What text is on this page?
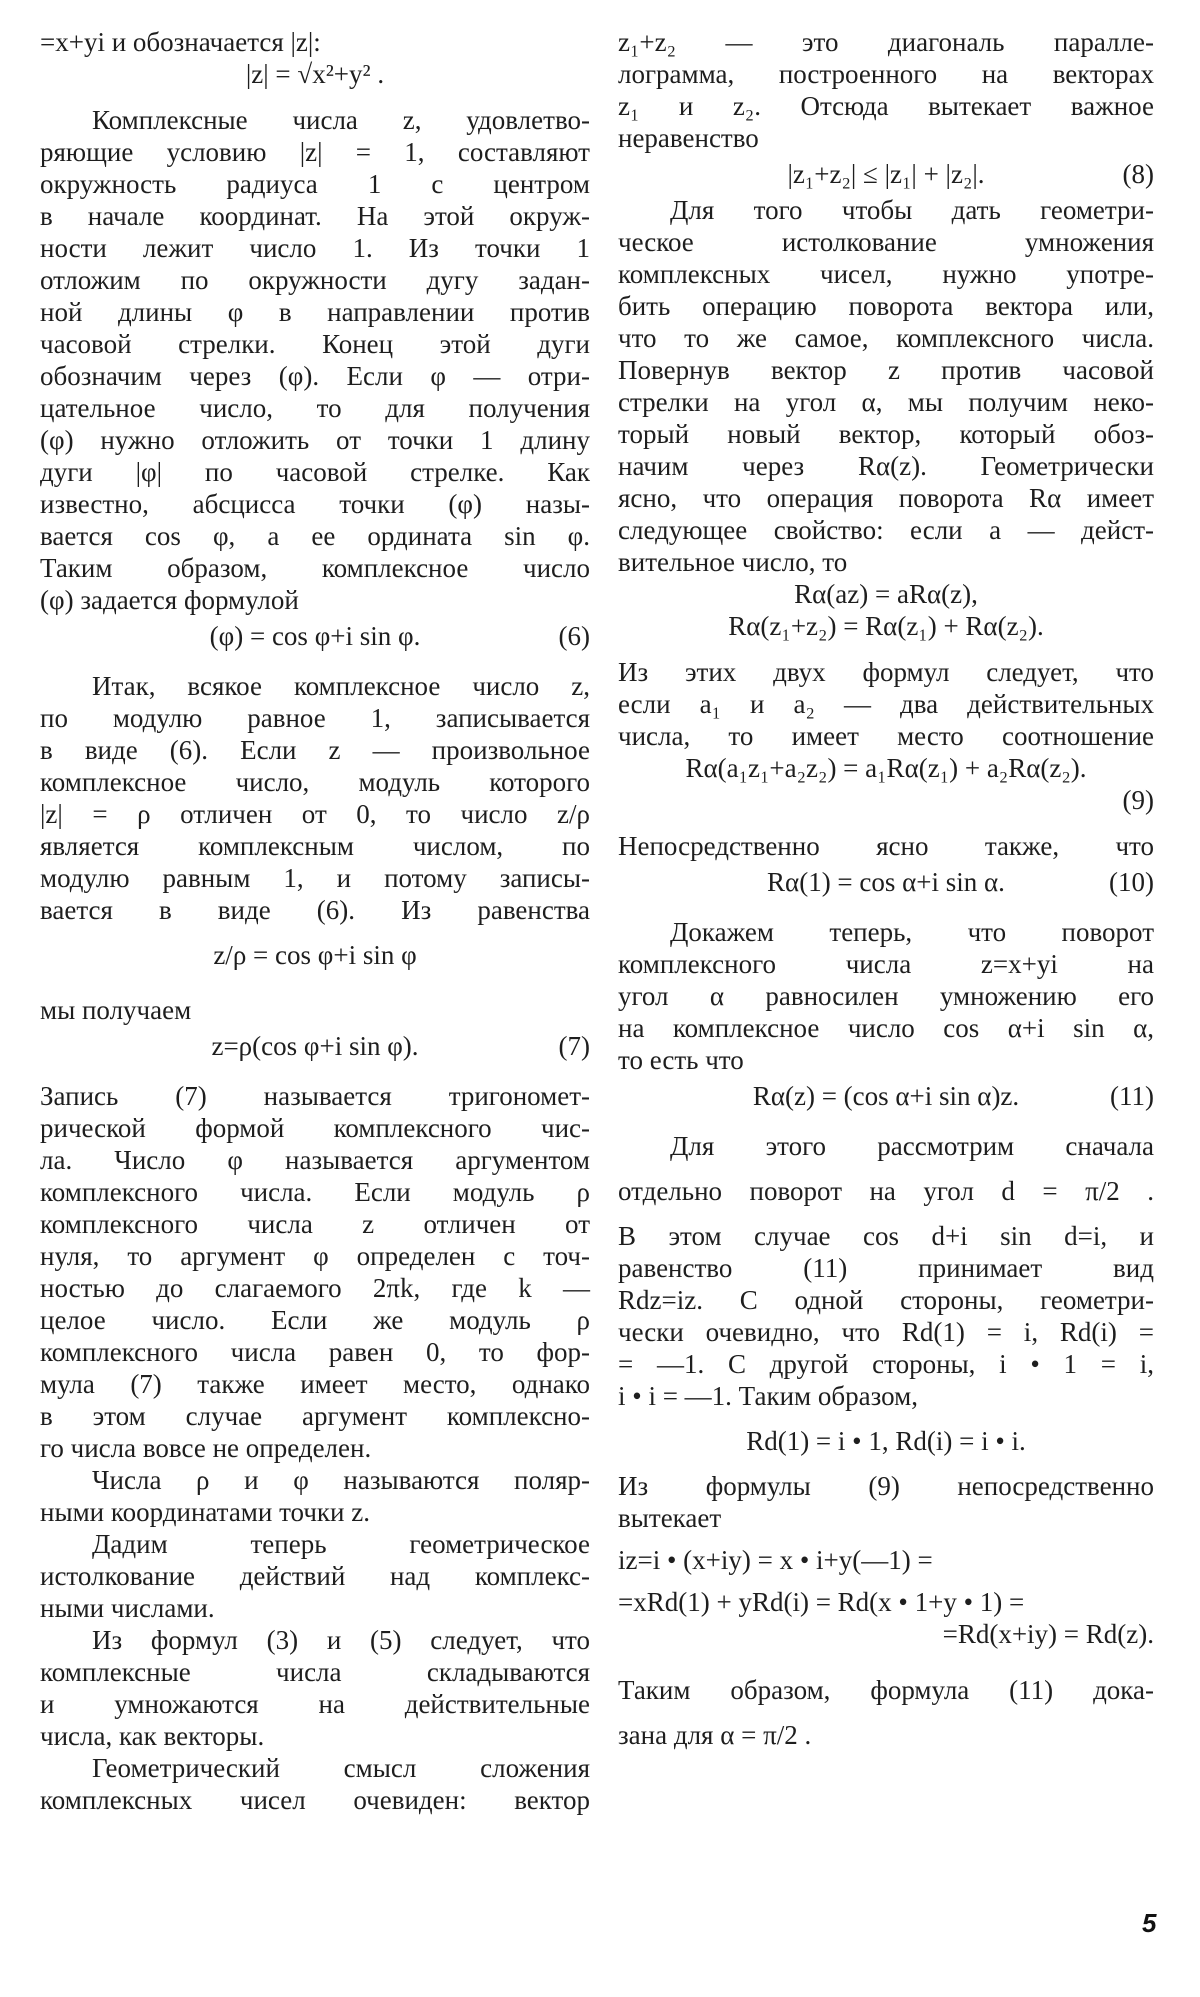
=x+yi и обозначается |z|:
|z| = √x²+y² .
Комплексные числа z, удовлетво-
ряющие условию |z| = 1, составляют
окружность радиуса 1 с центром
в начале координат. На этой окруж-
ности лежит число 1. Из точки 1
отложим по окружности дугу задан-
ной длины φ в направлении против
часовой стрелки. Конец этой дуги
обозначим через (φ). Если φ — отри-
цательное число, то для получения
(φ) нужно отложить от точки 1 длину
дуги |φ| по часовой стрелке. Как
известно, абсцисса точки (φ) назы-
вается cos φ, а ее ордината sin φ.
Таким образом, комплексное число
(φ) задается формулой
(φ) = cos φ+i sin φ.	(6)
Итак, всякое комплексное число z,
по модулю равное 1, записывается
в виде (6). Если z — произвольное
комплексное число, модуль которого
|z| = ρ отличен от 0, то число z/ρ
является комплексным числом, по
модулю равным 1, и потому записы-
вается в виде (6). Из равенства
z/ρ = cos φ+i sin φ
мы получаем
z=ρ(cos φ+i sin φ).	(7)
Запись (7) называется тригономет-
рической формой комплексного чис-
ла. Число φ называется аргументом
комплексного числа. Если модуль ρ
комплексного числа z отличен от
нуля, то аргумент φ определен с точ-
ностью до слагаемого 2πk, где k —
целое число. Если же модуль ρ
комплексного числа равен 0, то фор-
мула (7) также имеет место, однако
в этом случае аргумент комплексно-
го числа вовсе не определен.
Числа ρ и φ называются поляр-
ными координатами точки z.
Дадим теперь геометрическое
истолкование действий над комплекс-
ными числами.
Из формул (3) и (5) следует, что
комплексные числа складываются
и умножаются на действительные
числа, как векторы.
Геометрический смысл сложения
комплексных чисел очевиден: вектор
z₁+z₂ — это диагональ паралле-
лограмма, построенного на векторах
z₁ и z₂. Отсюда вытекает важное
неравенство
|z₁+z₂| ≤ |z₁| + |z₂|.	(8)
Для того чтобы дать геометри-
ческое истолкование умножения
комплексных чисел, нужно употре-
бить операцию поворота вектора или,
что то же самое, комплексного числа.
Повернув вектор z против часовой
стрелки на угол α, мы получим неко-
торый новый вектор, который обоз-
начим через Rα(z). Геометрически
ясно, что операция поворота Rα имеет
следующее свойство: если a — дейст-
вительное число, то
Rα(az) = aRα(z),
Rα(z₁+z₂) = Rα(z₁) + Rα(z₂).
Из этих двух формул следует, что
если a₁ и a₂ — два действительных
числа, то имеет место соотношение
Rα(a₁z₁+a₂z₂) = a₁Rα(z₁) + a₂Rα(z₂).
(9)
Непосредственно ясно также, что
Rα(1) = cos α+i sin α.	(10)
Докажем теперь, что поворот
комплексного числа z=x+yi на
угол α равносилен умножению его
на комплексное число cos α+i sin α,
то есть что
Rα(z) = (cos α+i sin α)z.	(11)
Для этого рассмотрим сначала
отдельно поворот на угол d = π/2 .
В этом случае cos d+i sin d=i, и
равенство (11) принимает вид
Rdz=iz. С одной стороны, геометри-
чески очевидно, что Rd(1) = i, Rd(i) =
= —1. С другой стороны, i • 1 = i,
i • i = —1. Таким образом,
Rd(1) = i • 1, Rd(i) = i • i.
Из формулы (9) непосредственно
вытекает
iz=i • (x+iy) = x • i+y(—1) =
=xRd(1) + yRd(i) = Rd(x • 1+y • 1) =
=Rd(x+iy) = Rd(z).
Таким образом, формула (11) дока-
зана для α = π/2 .
5
